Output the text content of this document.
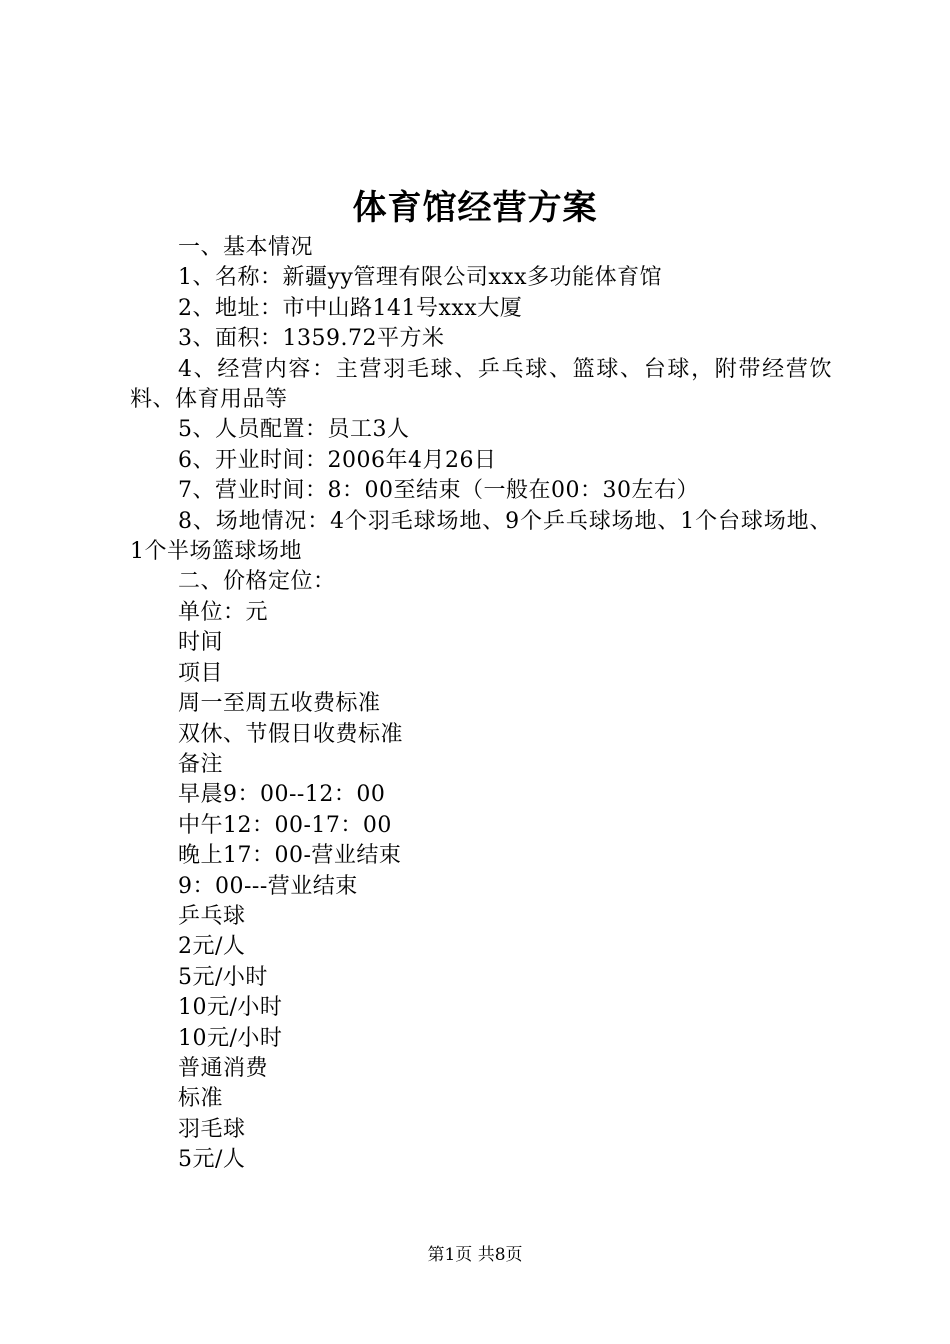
体育馆经营方案

一、基本情况

1、名称：新疆yy管理有限公司xxx多功能体育馆

2、地址：市中山路141号xxx大厦

3、面积：1359.72平方米

4、经营内容：主营羽毛球、乒乓球、篮球、台球，附带经营饮料、体育用品等

5、人员配置：员工3人

6、开业时间：2006年4月26日

7、营业时间：8：00至结束（一般在00：30左右）

8、场地情况：4个羽毛球场地、9个乒乓球场地、1个台球场地、1个半场篮球场地

二、价格定位：

单位：元

时间

项目

周一至周五收费标准

双休、节假日收费标准

备注

早晨9：00--12：00

中午12：00-17：00

晚上17：00-营业结束

9：00---营业结束

乒乓球

2元/人

5元/小时

10元/小时

10元/小时

普通消费

标准

羽毛球

5元/人

第1页 共8页
